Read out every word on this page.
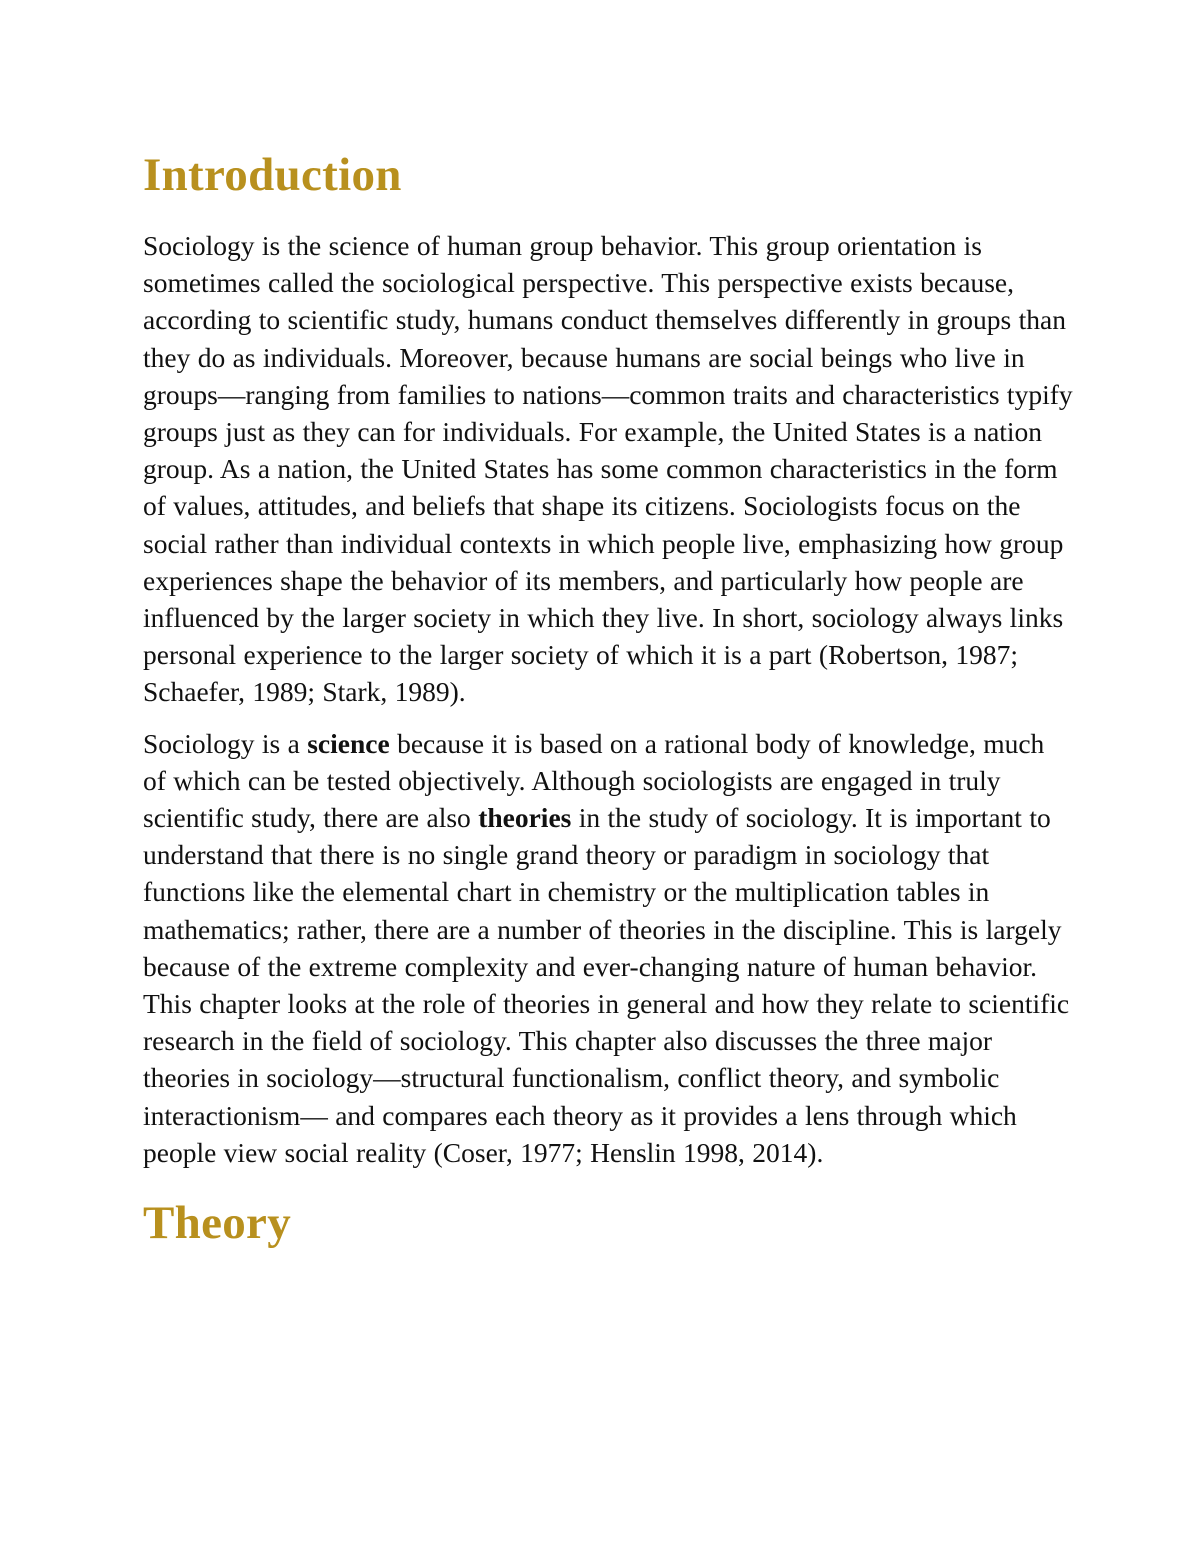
Introduction

Sociology is the science of human group behavior. This group orientation is sometimes called the sociological perspective. This perspective exists because, according to scientific study, humans conduct themselves differently in groups than they do as individuals. Moreover, because humans are social beings who live in groups—ranging from families to nations—common traits and characteristics typify groups just as they can for individuals. For example, the United States is a nation group. As a nation, the United States has some common characteristics in the form of values, attitudes, and beliefs that shape its citizens. Sociologists focus on the social rather than individual contexts in which people live, emphasizing how group experiences shape the behavior of its members, and particularly how people are influenced by the larger society in which they live. In short, sociology always links personal experience to the larger society of which it is a part (Robertson, 1987; Schaefer, 1989; Stark, 1989).

Sociology is a science because it is based on a rational body of knowledge, much of which can be tested objectively. Although sociologists are engaged in truly scientific study, there are also theories in the study of sociology. It is important to understand that there is no single grand theory or paradigm in sociology that functions like the elemental chart in chemistry or the multiplication tables in mathematics; rather, there are a number of theories in the discipline. This is largely because of the extreme complexity and ever-changing nature of human behavior. This chapter looks at the role of theories in general and how they relate to scientific research in the field of sociology. This chapter also discusses the three major theories in sociology—structural functionalism, conflict theory, and symbolic interactionism— and compares each theory as it provides a lens through which people view social reality (Coser, 1977; Henslin 1998, 2014).

Theory
